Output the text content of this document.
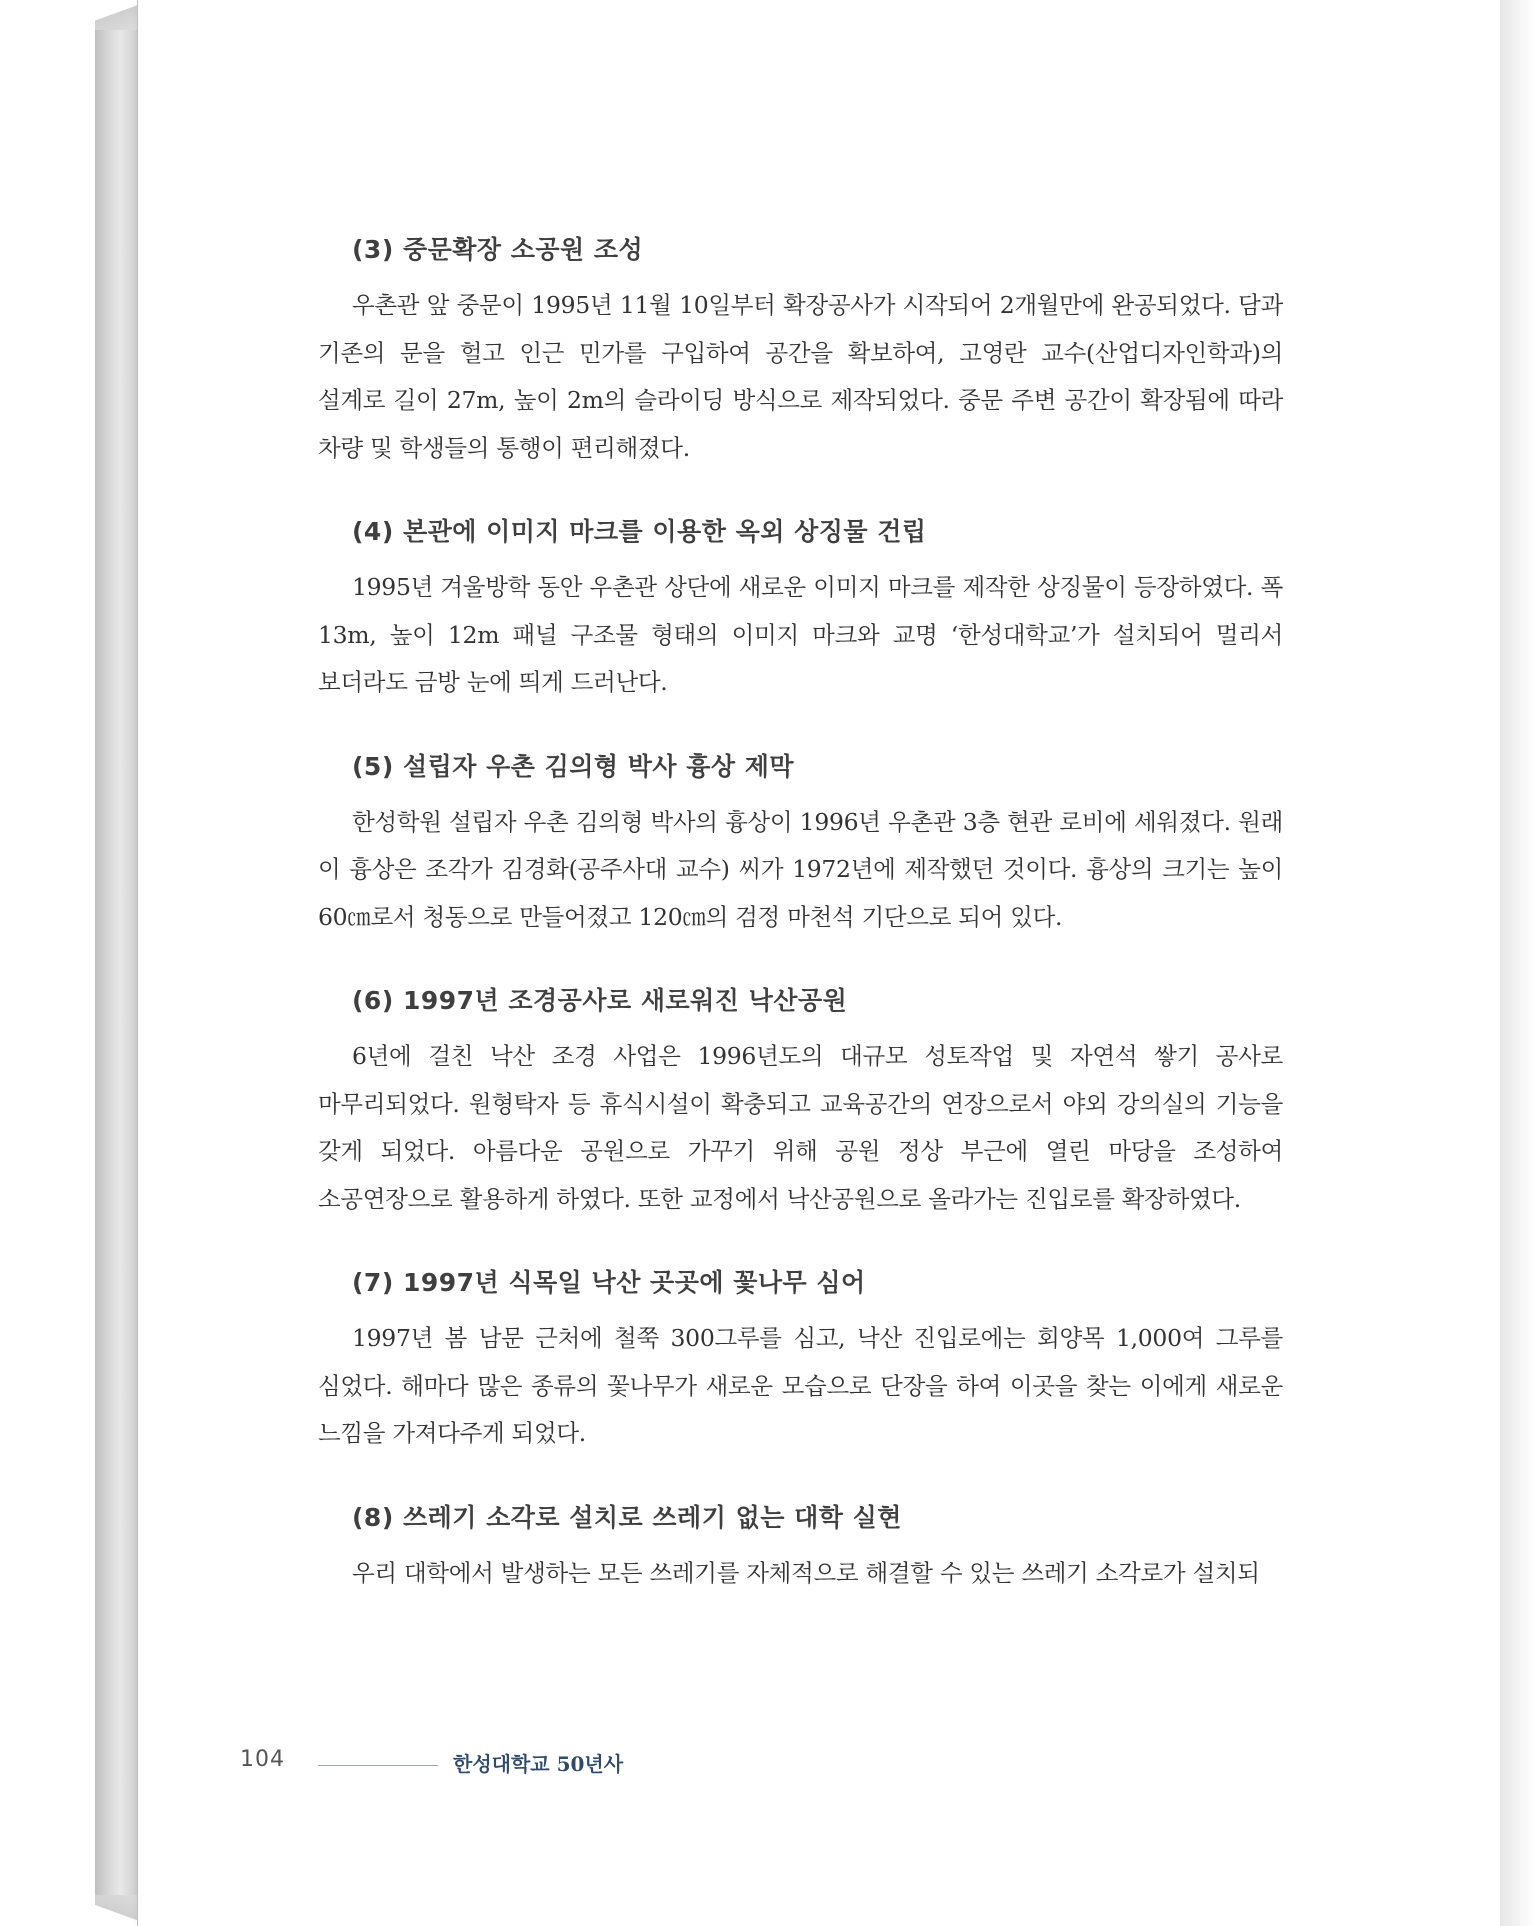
(3) 중문확장 소공원 조성

우촌관 앞 중문이 1995년 11월 10일부터 확장공사가 시작되어 2개월만에 완공되었다. 담과 기존의 문을 헐고 인근 민가를 구입하여 공간을 확보하여, 고영란 교수(산업디자인학과)의 설계로 길이 27m, 높이 2m의 슬라이딩 방식으로 제작되었다. 중문 주변 공간이 확장됨에 따라 차량 및 학생들의 통행이 편리해졌다.

(4) 본관에 이미지 마크를 이용한 옥외 상징물 건립

1995년 겨울방학 동안 우촌관 상단에 새로운 이미지 마크를 제작한 상징물이 등장하였다. 폭 13m, 높이 12m 패널 구조물 형태의 이미지 마크와 교명 ‘한성대학교’가 설치되어 멀리서 보더라도 금방 눈에 띄게 드러난다.

(5) 설립자 우촌 김의형 박사 흉상 제막

한성학원 설립자 우촌 김의형 박사의 흉상이 1996년 우촌관 3층 현관 로비에 세워졌다. 원래 이 흉상은 조각가 김경화(공주사대 교수) 씨가 1972년에 제작했던 것이다. 흉상의 크기는 높이 60㎝로서 청동으로 만들어졌고 120㎝의 검정 마천석 기단으로 되어 있다.

(6) 1997년 조경공사로 새로워진 낙산공원

6년에 걸친 낙산 조경 사업은 1996년도의 대규모 성토작업 및 자연석 쌓기 공사로 마무리되었다. 원형탁자 등 휴식시설이 확충되고 교육공간의 연장으로서 야외 강의실의 기능을 갖게 되었다. 아름다운 공원으로 가꾸기 위해 공원 정상 부근에 열린 마당을 조성하여 소공연장으로 활용하게 하였다. 또한 교정에서 낙산공원으로 올라가는 진입로를 확장하였다.

(7) 1997년 식목일 낙산 곳곳에 꽃나무 심어

1997년 봄 남문 근처에 철쭉 300그루를 심고, 낙산 진입로에는 회양목 1,000여 그루를 심었다. 해마다 많은 종류의 꽃나무가 새로운 모습으로 단장을 하여 이곳을 찾는 이에게 새로운 느낌을 가져다주게 되었다.

(8) 쓰레기 소각로 설치로 쓰레기 없는 대학 실현

우리 대학에서 발생하는 모든 쓰레기를 자체적으로 해결할 수 있는 쓰레기 소각로가 설치되

104	한성대학교 50년사
